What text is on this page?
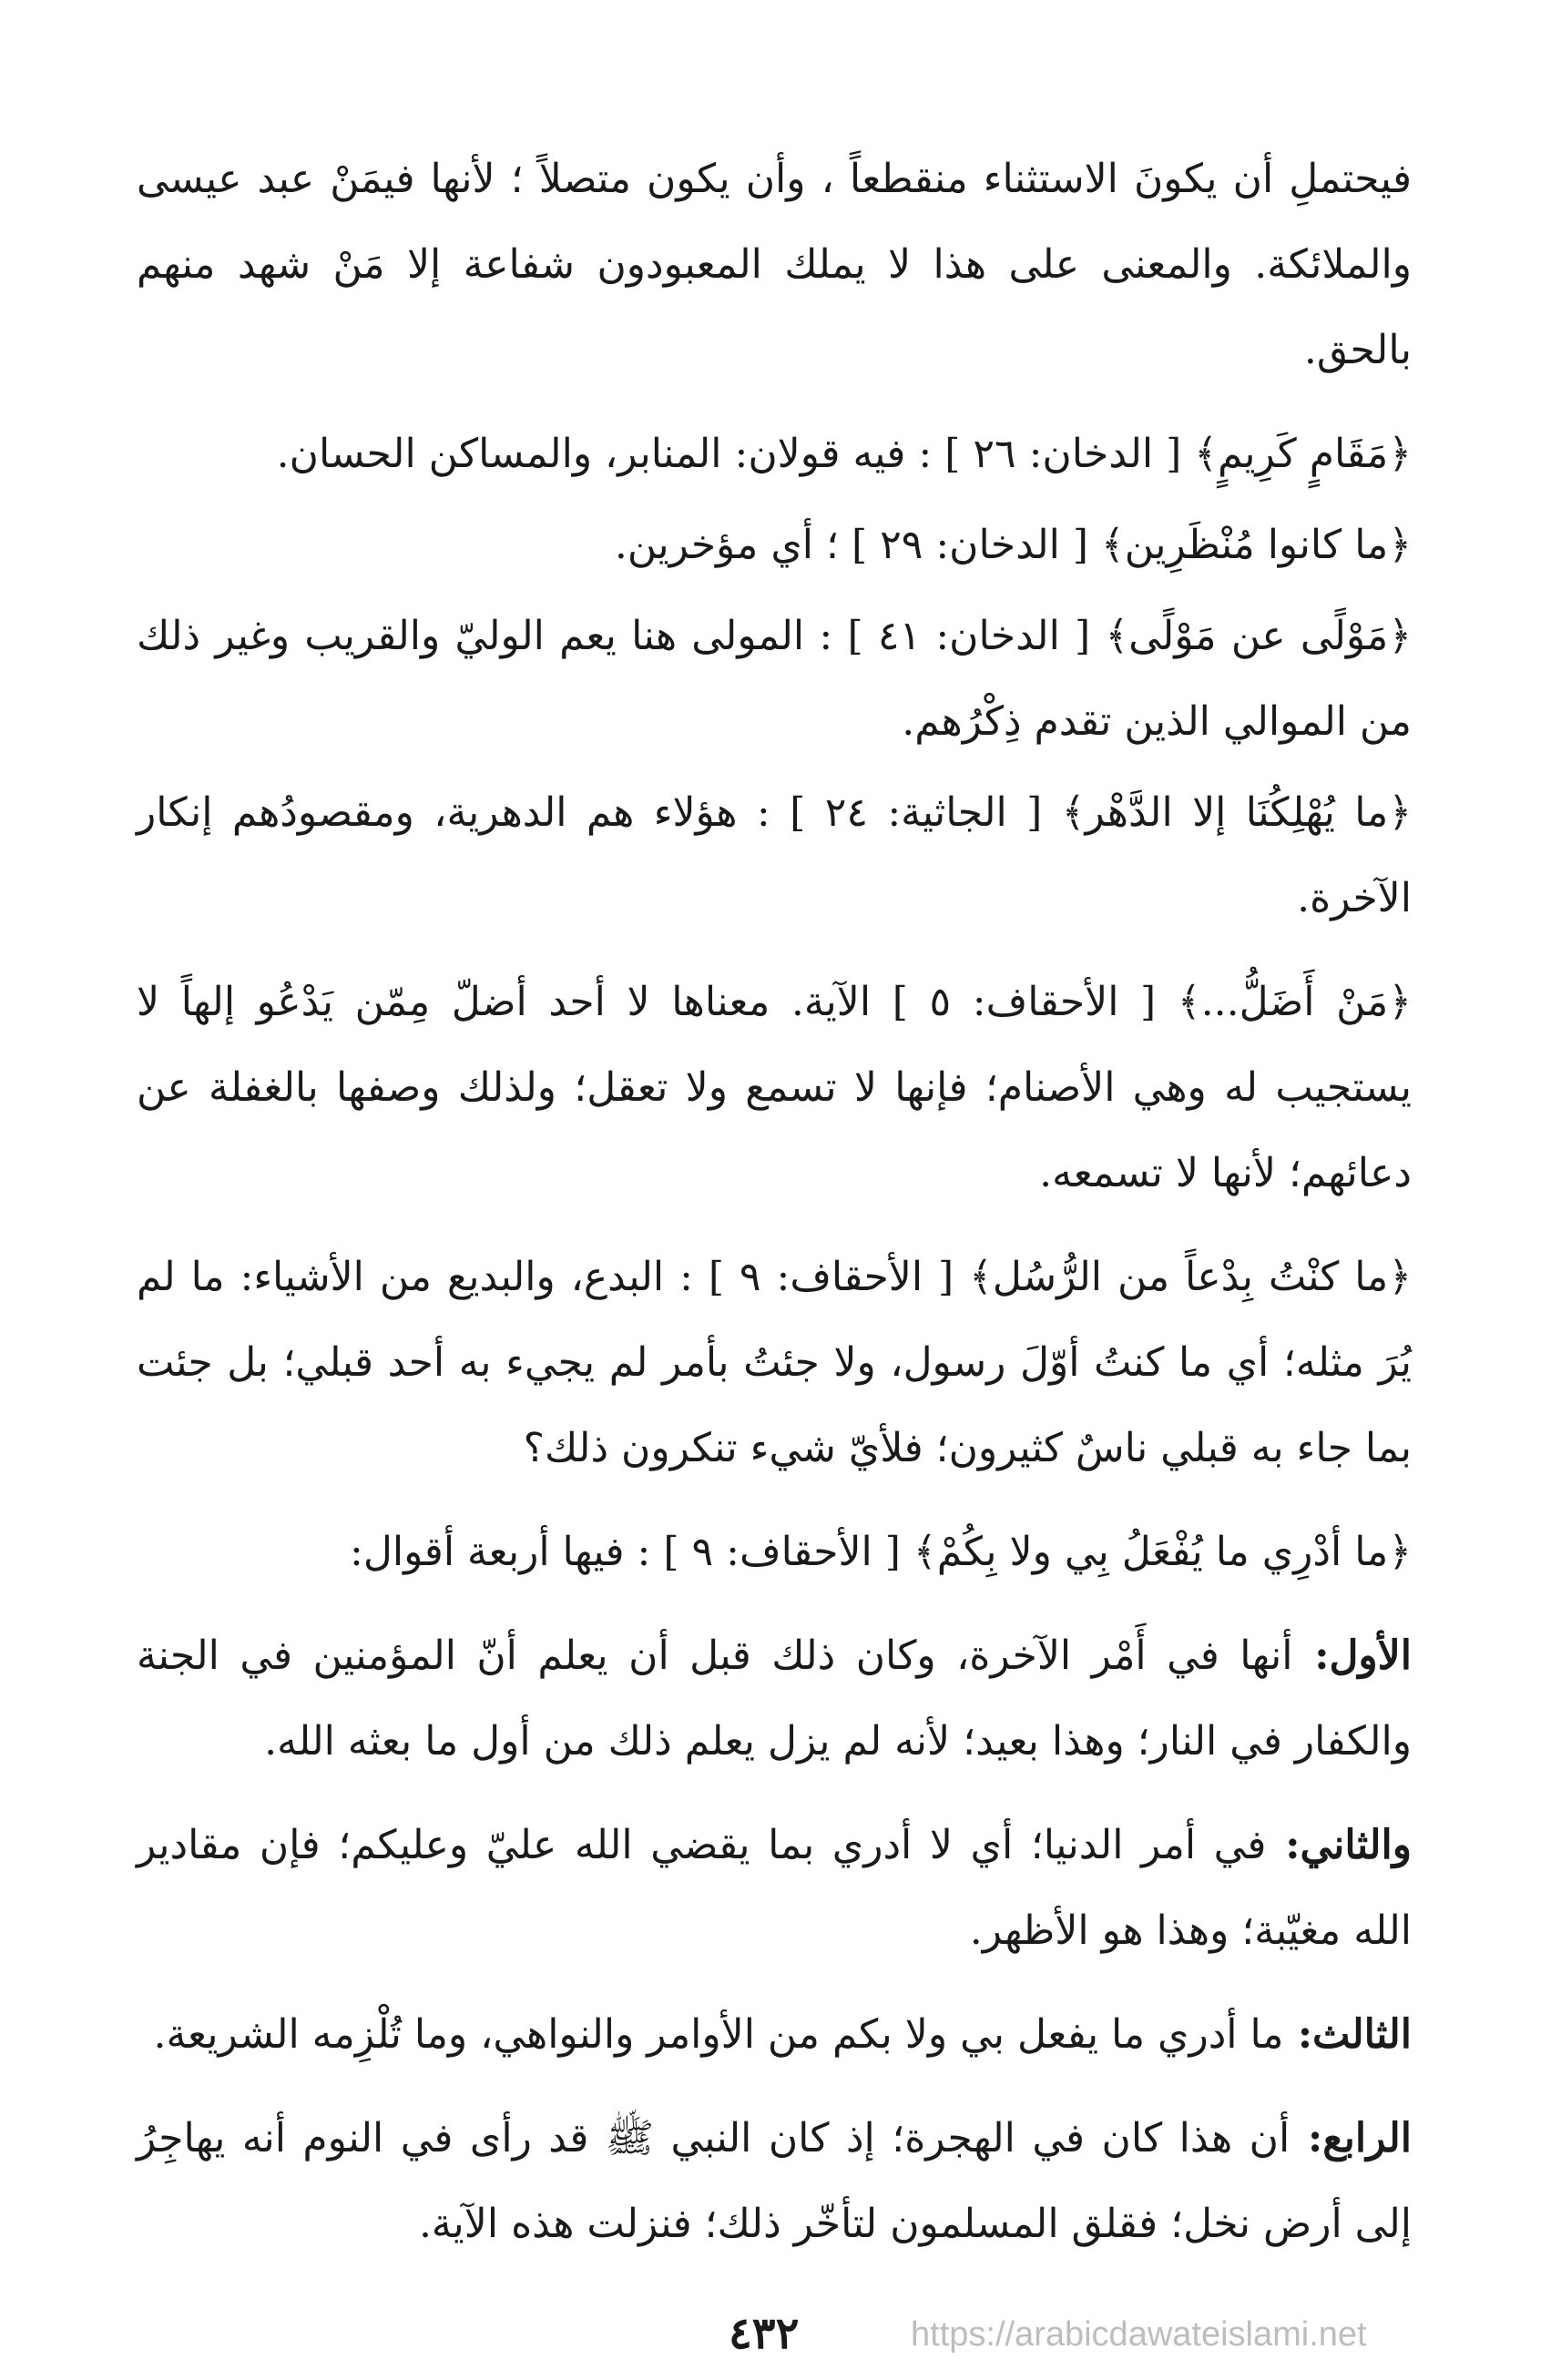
فيحتملِ أن يكونَ الاستثناء منقطعاً ، وأن يكون متصلاً ؛ لأنها فيمَنْ عبد عيسى والملائكة. والمعنى على هذا لا يملك المعبودون شفاعة إلا مَنْ شهد منهم بالحق.

﴿مَقَامٍ كَرِيمٍ﴾ [ الدخان: ٢٦ ] : فيه قولان: المنابر، والمساكن الحسان.

﴿ما كانوا مُنْظَرِين﴾ [ الدخان: ٢٩ ] ؛ أي مؤخرين.

﴿مَوْلًى عن مَوْلًى﴾ [ الدخان: ٤١ ] : المولى هنا يعم الوليّ والقريب وغير ذلك من الموالي الذين تقدم ذِكْرُهم.

﴿ما يُهْلِكُنَا إلا الدَّهْر﴾ [ الجاثية: ٢٤ ] : هؤلاء هم الدهرية، ومقصودُهم إنكار الآخرة.

﴿مَنْ أَضَلُّ...﴾ [ الأحقاف: ٥ ] الآية. معناها لا أحد أضلّ مِمّن يَدْعُو إلهاً لا يستجيب له وهي الأصنام؛ فإنها لا تسمع ولا تعقل؛ ولذلك وصفها بالغفلة عن دعائهم؛ لأنها لا تسمعه.

﴿ما كنْتُ بِدْعاً من الرُّسُل﴾ [ الأحقاف: ٩ ] : البدع، والبديع من الأشياء: ما لم يُرَ مثله؛ أي ما كنتُ أوّلَ رسول، ولا جئتُ بأمر لم يجيء به أحد قبلي؛ بل جئت بما جاء به قبلي ناسٌ كثيرون؛ فلأيّ شيء تنكرون ذلك؟

﴿ما أدْرِي ما يُفْعَلُ بِي ولا بِكُمْ﴾ [ الأحقاف: ٩ ] : فيها أربعة أقوال:

الأول: أنها في أَمْر الآخرة، وكان ذلك قبل أن يعلم أنّ المؤمنين في الجنة والكفار في النار؛ وهذا بعيد؛ لأنه لم يزل يعلم ذلك من أول ما بعثه الله.

والثاني: في أمر الدنيا؛ أي لا أدري بما يقضي الله عليّ وعليكم؛ فإن مقادير الله مغيّبة؛ وهذا هو الأظهر.

الثالث: ما أدري ما يفعل بي ولا بكم من الأوامر والنواهي، وما تُلْزِمه الشريعة.

الرابع: أن هذا كان في الهجرة؛ إذ كان النبي ﷺ قد رأى في النوم أنه يهاجِرُ إلى أرض نخل؛ فقلق المسلمون لتأخّر ذلك؛ فنزلت هذه الآية.

٤٣٢	https://arabicdawateislami.net
